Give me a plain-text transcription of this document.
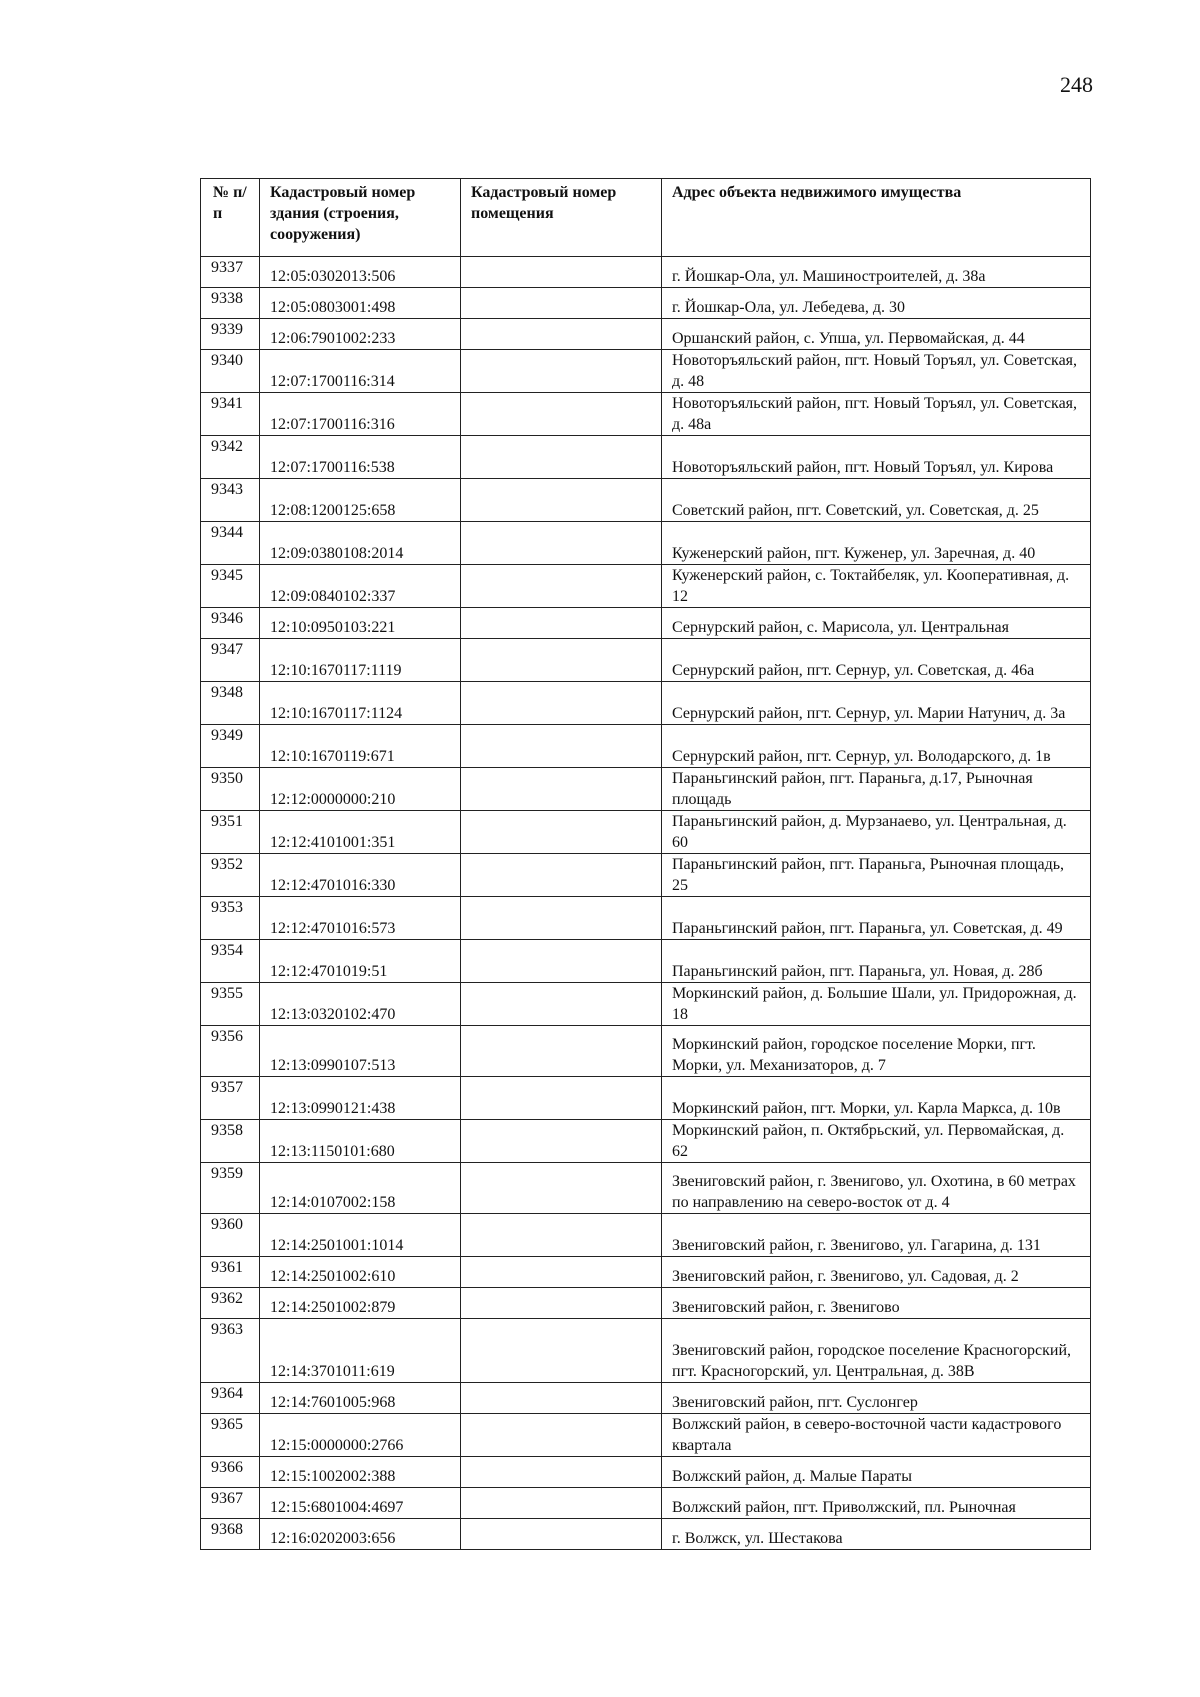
248
№ п/п	Кадастровый номер здания (строения, сооружения)	Кадастровый номер помещения	Адрес объекта недвижимого имущества
9337	12:05:0302013:506		г. Йошкар-Ола, ул. Машиностроителей, д. 38а
9338	12:05:0803001:498		г. Йошкар-Ола, ул. Лебедева, д. 30
9339	12:06:7901002:233		Оршанский район, с. Упша, ул. Первомайская, д. 44
9340	12:07:1700116:314		Новоторъяльский район, пгт. Новый Торъял, ул. Советская, д. 48
9341	12:07:1700116:316		Новоторъяльский район, пгт. Новый Торъял, ул. Советская, д. 48а
9342	12:07:1700116:538		Новоторъяльский район, пгт. Новый Торъял, ул. Кирова
9343	12:08:1200125:658		Советский район, пгт. Советский, ул. Советская, д. 25
9344	12:09:0380108:2014		Куженерский район, пгт. Куженер, ул. Заречная, д. 40
9345	12:09:0840102:337		Куженерский район, с. Токтайбеляк, ул. Кооперативная, д. 12
9346	12:10:0950103:221		Сернурский район, с. Марисола, ул. Центральная
9347	12:10:1670117:1119		Сернурский район, пгт. Сернур, ул. Советская, д. 46а
9348	12:10:1670117:1124		Сернурский район, пгт. Сернур, ул. Марии Натунич, д. 3а
9349	12:10:1670119:671		Сернурский район, пгт. Сернур, ул. Володарского, д. 1в
9350	12:12:0000000:210		Параньгинский район, пгт. Параньга, д.17, Рыночная площадь
9351	12:12:4101001:351		Параньгинский район, д. Мурзанаево, ул. Центральная, д. 60
9352	12:12:4701016:330		Параньгинский район, пгт. Параньга, Рыночная площадь, 25
9353	12:12:4701016:573		Параньгинский район, пгт. Параньга, ул. Советская, д. 49
9354	12:12:4701019:51		Параньгинский район, пгт. Параньга, ул. Новая, д. 28б
9355	12:13:0320102:470		Моркинский район, д. Большие Шали, ул. Придорожная, д. 18
9356	12:13:0990107:513		Моркинский район, городское поселение Морки, пгт. Морки, ул. Механизаторов, д. 7
9357	12:13:0990121:438		Моркинский район, пгт. Морки, ул. Карла Маркса, д. 10в
9358	12:13:1150101:680		Моркинский район, п. Октябрьский, ул. Первомайская, д. 62
9359	12:14:0107002:158		Звениговский район, г. Звенигово, ул. Охотина, в 60 метрах по направлению на северо-восток от д. 4
9360	12:14:2501001:1014		Звениговский район, г. Звенигово, ул. Гагарина, д. 131
9361	12:14:2501002:610		Звениговский район, г. Звенигово, ул. Садовая, д. 2
9362	12:14:2501002:879		Звениговский район, г. Звенигово
9363	12:14:3701011:619		Звениговский район, городское поселение Красногорский, пгт. Красногорский, ул. Центральная, д. 38В
9364	12:14:7601005:968		Звениговский район, пгт. Суслонгер
9365	12:15:0000000:2766		Волжский район, в северо-восточной части кадастрового квартала
9366	12:15:1002002:388		Волжский район, д. Малые Параты
9367	12:15:6801004:4697		Волжский район, пгт. Приволжский, пл. Рыночная
9368	12:16:0202003:656		г. Волжск, ул. Шестакова
